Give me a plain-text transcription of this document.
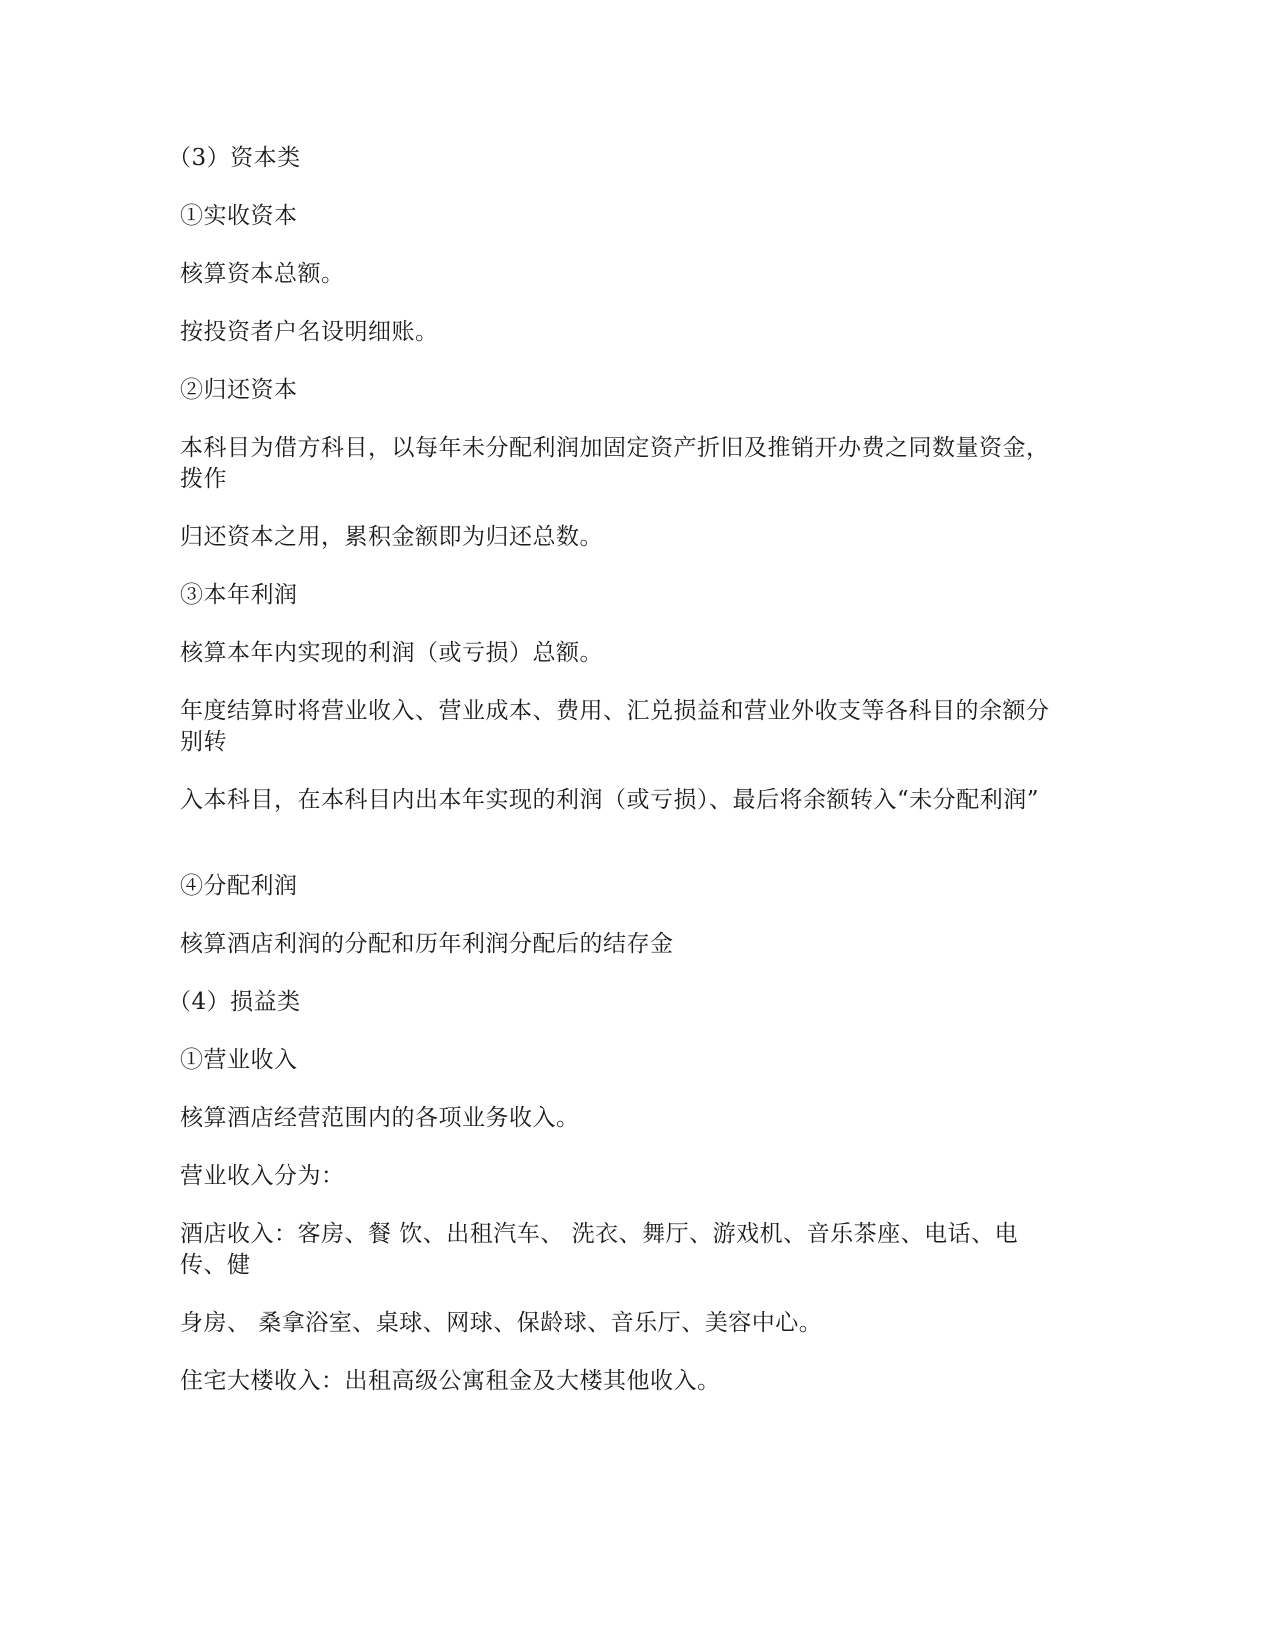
（3）资本类
①实收资本
核算资本总额。
按投资者户名设明细账。
②归还资本
本科目为借方科目，以每年未分配利润加固定资产折旧及推销开办费之同数量资金，拨作
归还资本之用，累积金额即为归还总数。
③本年利润
核算本年内实现的利润（或亏损）总额。
年度结算时将营业收入、营业成本、费用、汇兑损益和营业外收支等各科目的余额分别转
入本科目，在本科目内出本年实现的利润（或亏损）、最后将余额转入“未分配利润”
④分配利润
核算酒店利润的分配和历年利润分配后的结存金
（4）损益类
①营业收入
核算酒店经营范围内的各项业务收入。
营业收入分为：
酒店收入：客房、餐 饮、出租汽车、 洗衣、舞厅、游戏机、音乐茶座、电话、电传、健
身房、 桑拿浴室、桌球、网球、保龄球、音乐厅、美容中心。
住宅大楼收入：出租高级公寓租金及大楼其他收入。
